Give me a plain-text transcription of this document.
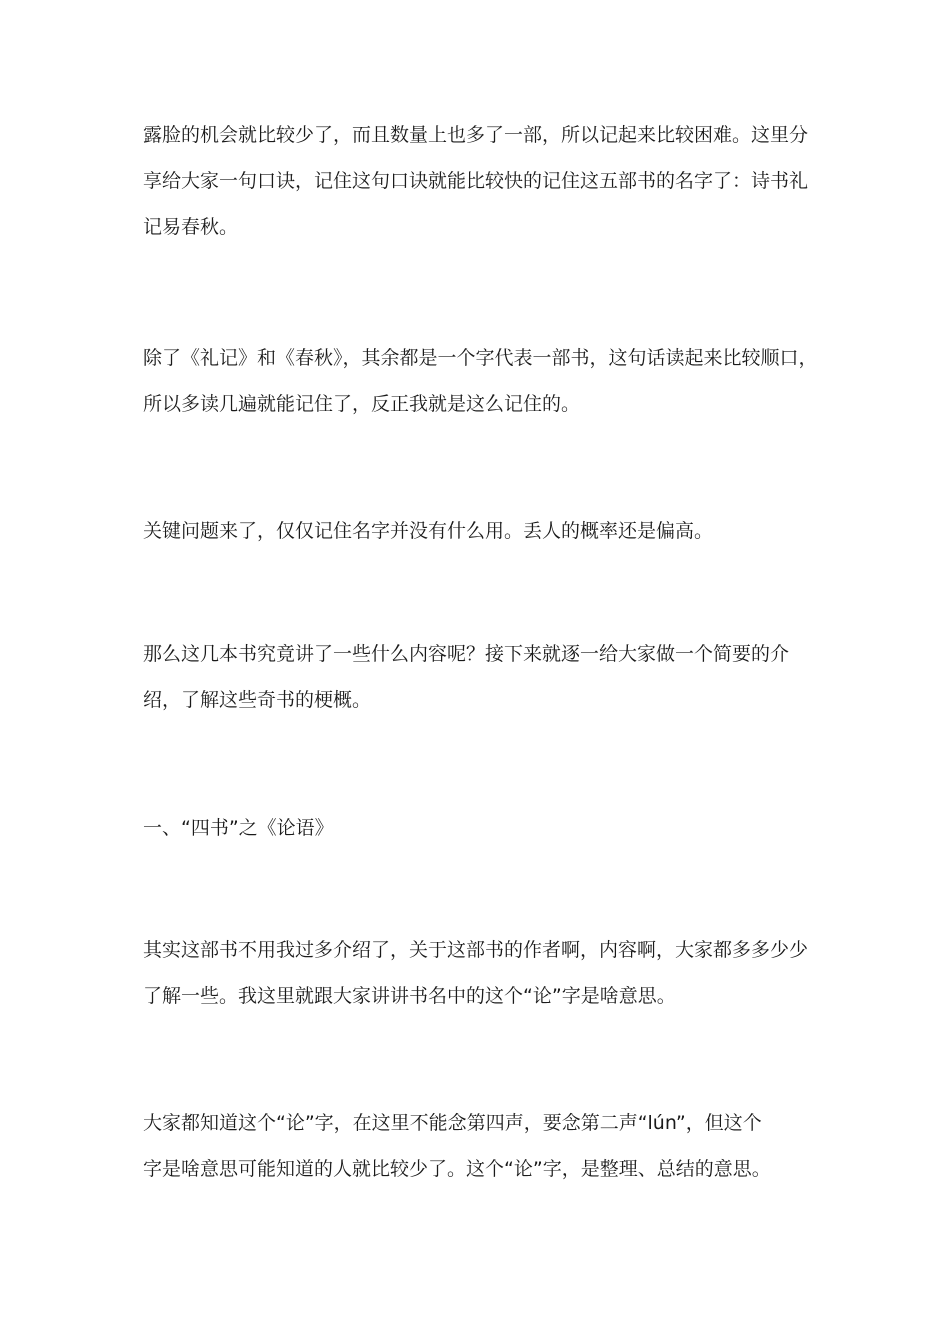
露脸的机会就比较少了，而且数量上也多了一部，所以记起来比较困难。这里分
享给大家一句口诀，记住这句口诀就能比较快的记住这五部书的名字了：诗书礼
记易春秋。

除了《礼记》和《春秋》，其余都是一个字代表一部书，这句话读起来比较顺口，
所以多读几遍就能记住了，反正我就是这么记住的。

关键问题来了，仅仅记住名字并没有什么用。丢人的概率还是偏高。

那么这几本书究竟讲了一些什么内容呢？接下来就逐一给大家做一个简要的介
绍，了解这些奇书的梗概。

一、“四书”之《论语》

其实这部书不用我过多介绍了，关于这部书的作者啊，内容啊，大家都多多少少
了解一些。我这里就跟大家讲讲书名中的这个“论”字是啥意思。

大家都知道这个“论”字，在这里不能念第四声，要念第二声“lún”，但这个
字是啥意思可能知道的人就比较少了。这个“论”字，是整理、总结的意思。
